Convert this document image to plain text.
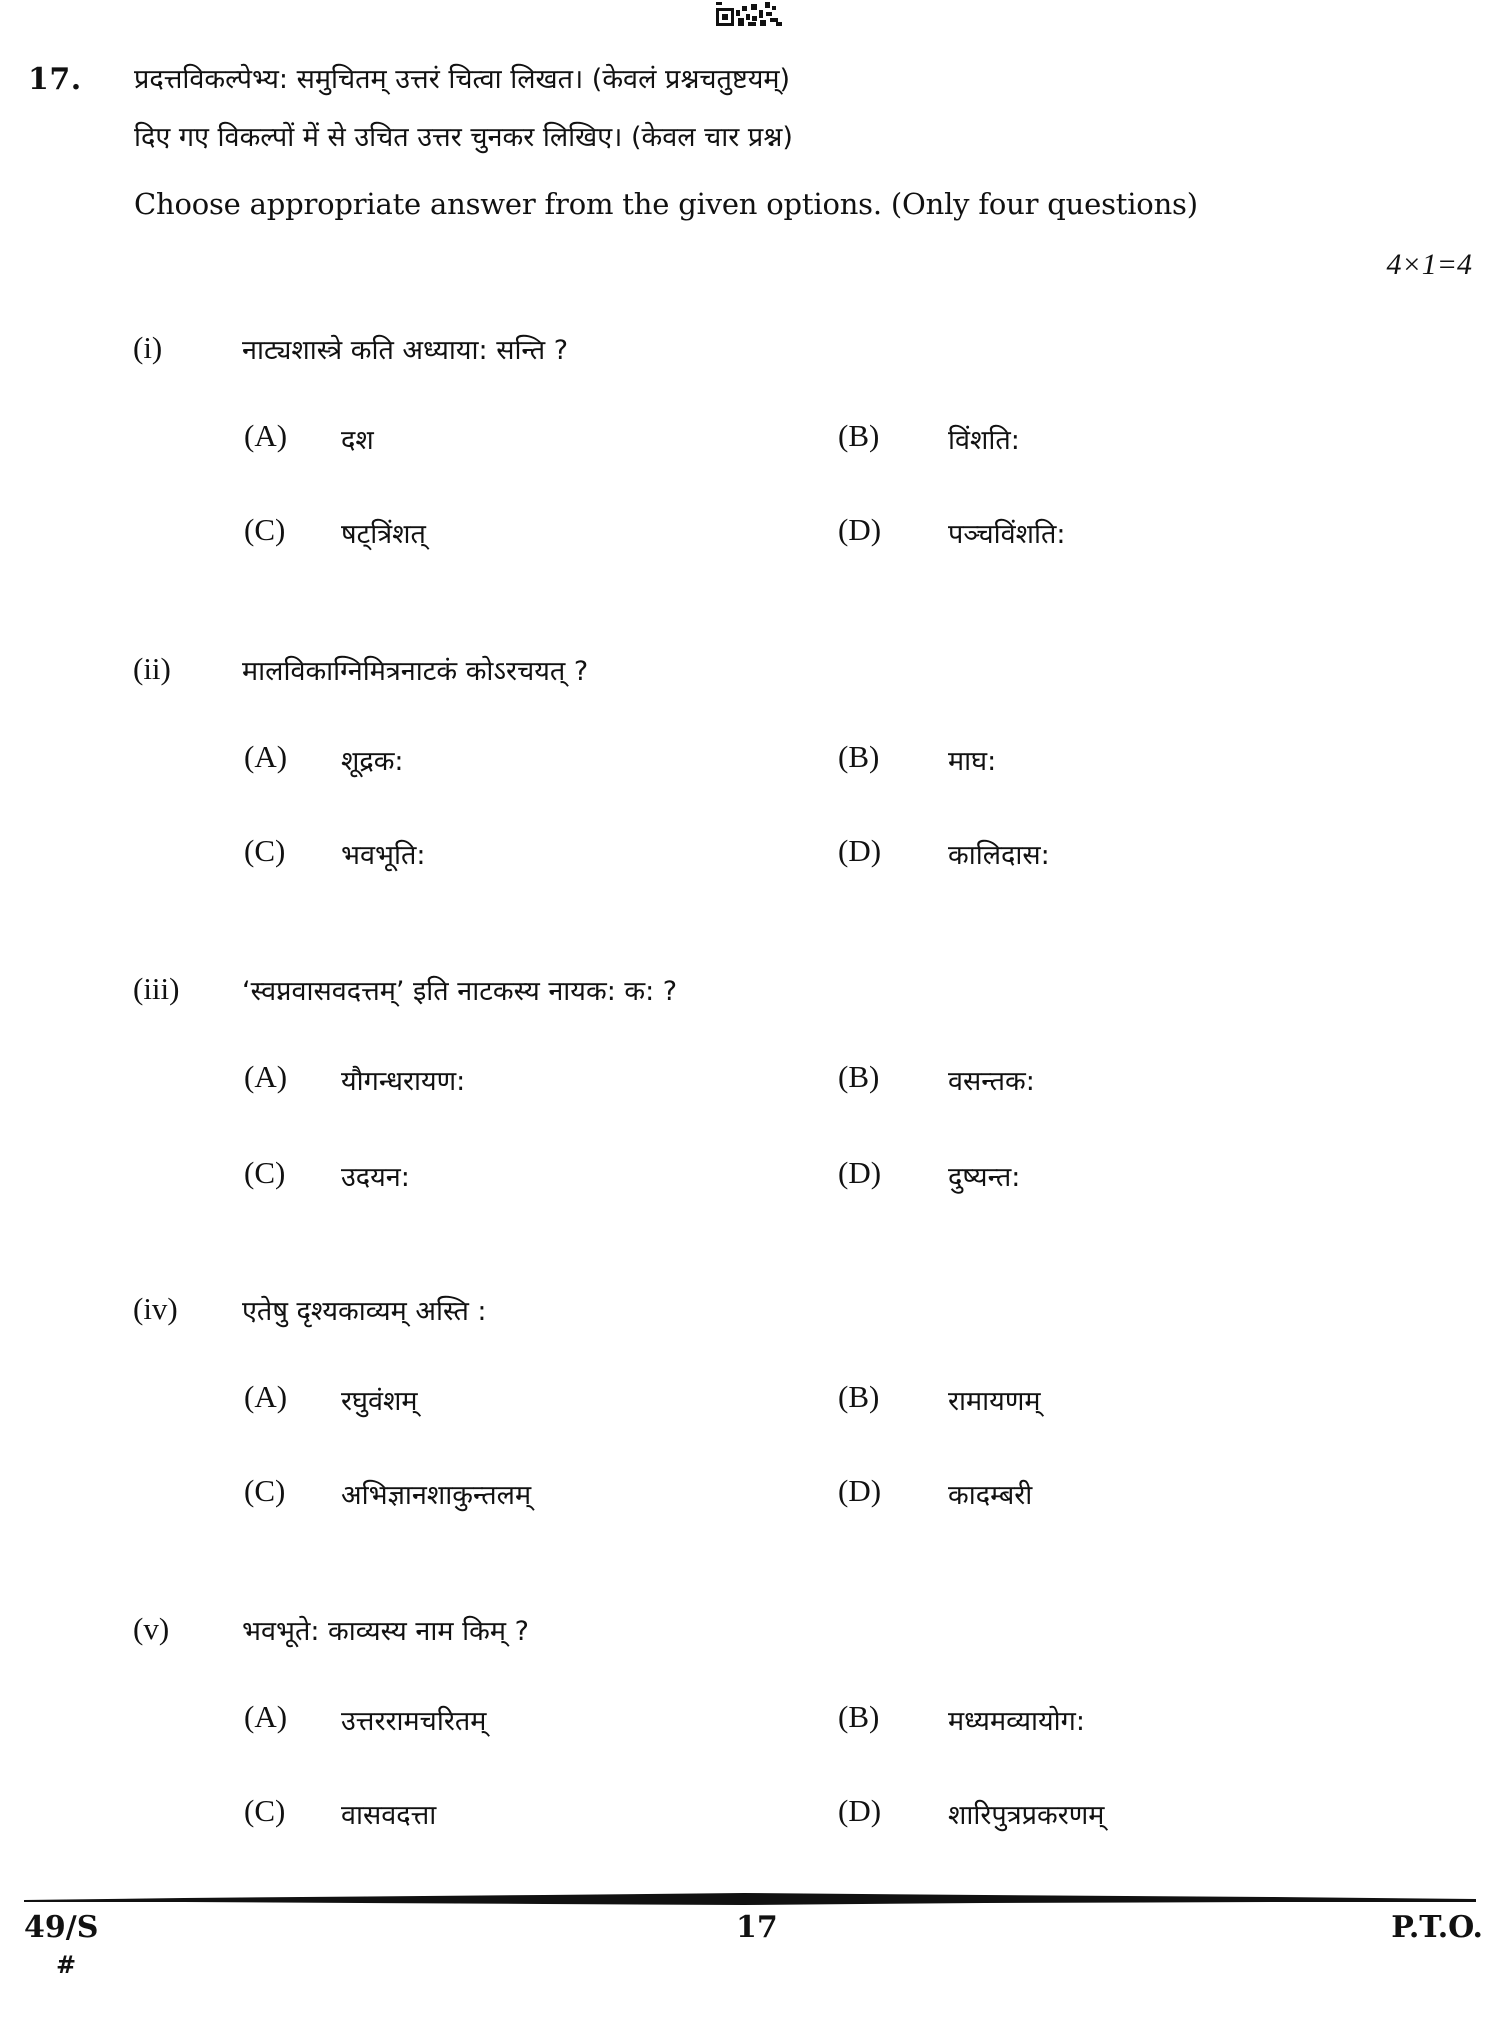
17. प्रदत्तविकल्पेभ्य: समुचितम् उत्तरं चित्वा लिखत। (केवलं प्रश्नचतुष्टयम्)
दिए गए विकल्पों में से उचित उत्तर चुनकर लिखिए। (केवल चार प्रश्न)
Choose appropriate answer from the given options. (Only four questions)
4×1=4
(i)	नाट्यशास्त्रे कति अध्याया: सन्ति ?
(A) दश	(B)	विंशति:
(C) षट्त्रिंशत्	(D) पञ्चविंशति:
(ii)	मालविकाग्निमित्रनाटकं कोऽरचयत् ?
(A) शूद्रक:	(B)	माघ:
(C) भवभूति:	(D) कालिदास:
(iii) ‘स्वप्नवासवदत्तम्’ इति नाटकस्य नायक: क: ?
(A) यौगन्धरायण:	(B)	वसन्तक:
(C) उदयन:	(D) दुष्यन्त:
(iv) एतेषु दृश्यकाव्यम् अस्ति :
(A) रघुवंशम्	(B)	रामायणम्
(C) अभिज्ञानशाकुन्तलम्	(D) कादम्बरी
(v)	भवभूते: काव्यस्य नाम किम् ?
(A) उत्तररामचरितम्	(B)	मध्यमव्यायोग:
(C) वासवदत्ता	(D) शारिपुत्रप्रकरणम्
49/S
#
17	P.T.O.
